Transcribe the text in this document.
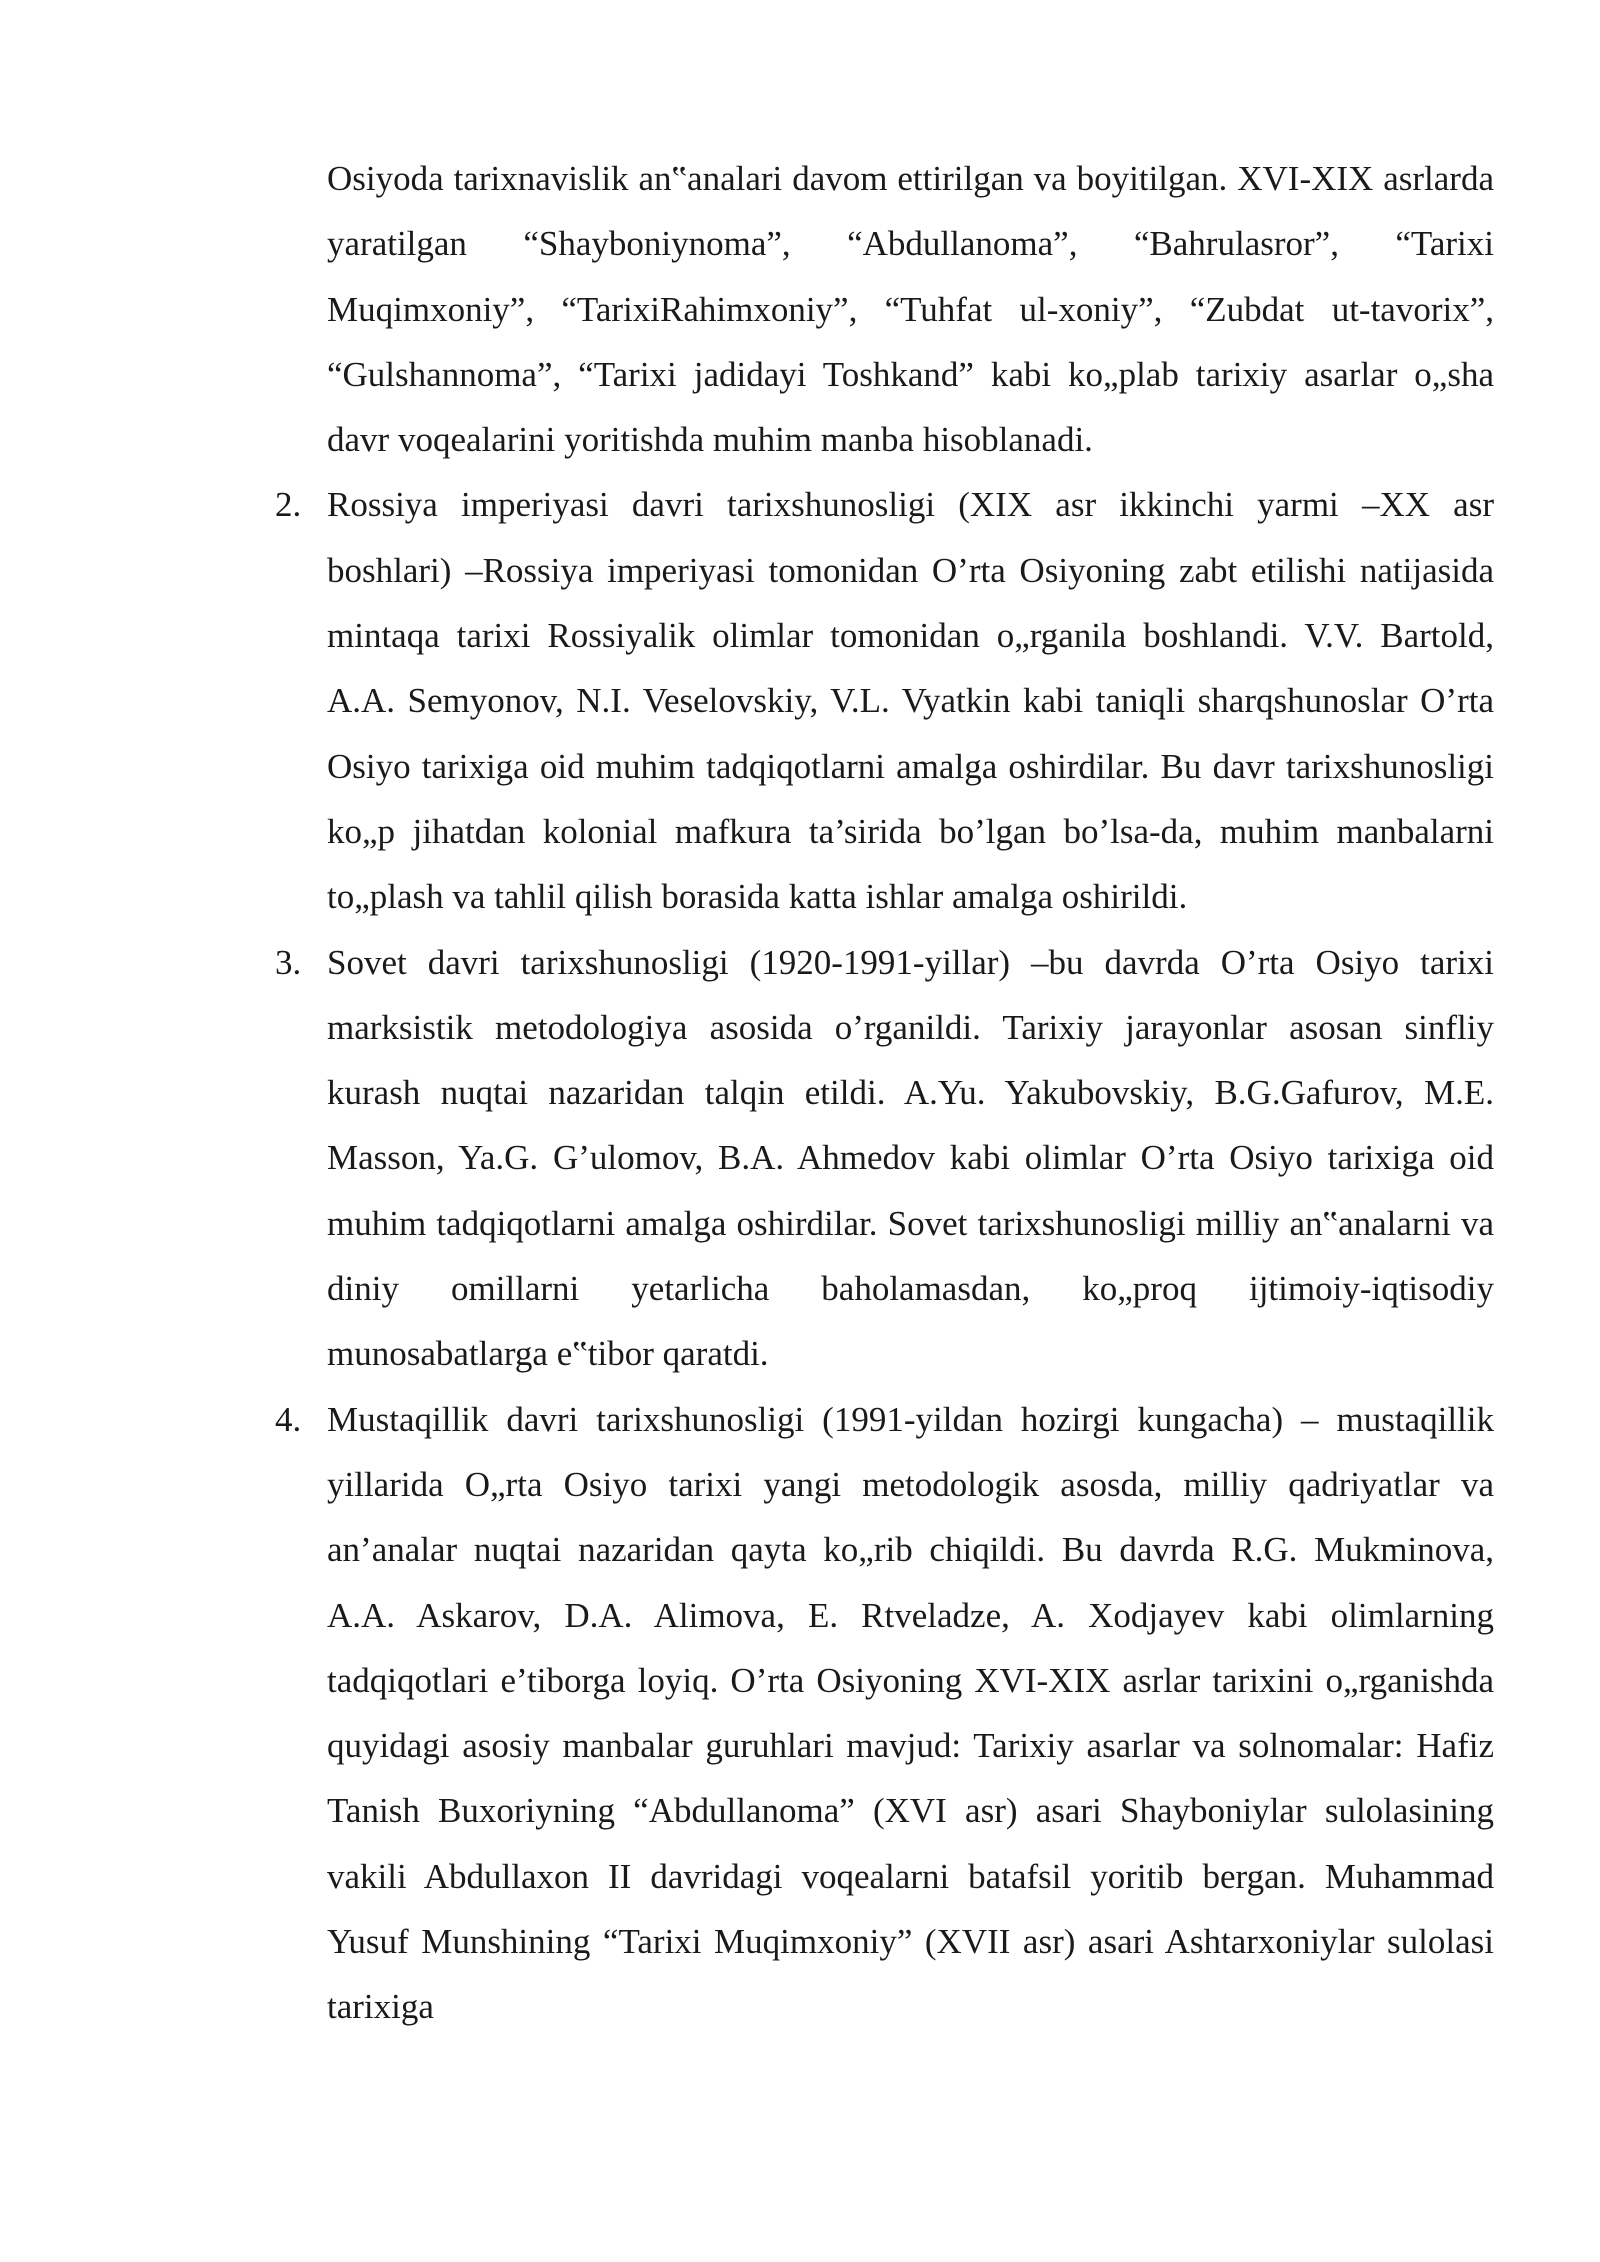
Osiyoda tarixnavislik an‟analari davom ettirilgan va boyitilgan. XVI-XIX asrlarda yaratilgan “Shayboniynoma”, “Abdullanoma”, “Bahrulasror”, “Tarixi Muqimxoniy”, “TarixiRahimxoniy”, “Tuhfat ul-xoniy”, “Zubdat ut-tavorix”, “Gulshannoma”, “Tarixi jadidayi Toshkand” kabi ko„plab tarixiy asarlar o„sha davr voqealarini yoritishda muhim manba hisoblanadi.

2. Rossiya imperiyasi davri tarixshunosligi (XIX asr ikkinchi yarmi –XX asr boshlari) –Rossiya imperiyasi tomonidan O’rta Osiyoning zabt etilishi natijasida mintaqa tarixi Rossiyalik olimlar tomonidan o„rganila boshlandi. V.V. Bartold, A.A. Semyonov, N.I. Veselovskiy, V.L. Vyatkin kabi taniqli sharqshunoslar O’rta Osiyo tarixiga oid muhim tadqiqotlarni amalga oshirdilar. Bu davr tarixshunosligi ko„p jihatdan kolonial mafkura ta’sirida bo’lgan bo’lsa-da, muhim manbalarni to„plash va tahlil qilish borasida katta ishlar amalga oshirildi.
3. Sovet davri tarixshunosligi (1920-1991-yillar) –bu davrda O’rta Osiyo tarixi marksistik metodologiya asosida o’rganildi. Tarixiy jarayonlar asosan sinfliy kurash nuqtai nazaridan talqin etildi. A.Yu. Yakubovskiy, B.G.Gafurov, M.E. Masson, Ya.G. G’ulomov, B.A. Ahmedov kabi olimlar O’rta Osiyo tarixiga oid muhim tadqiqotlarni amalga oshirdilar. Sovet tarixshunosligi milliy an‟analarni va diniy omillarni yetarlicha baholamasdan, ko„proq ijtimoiy-iqtisodiy munosabatlarga e‟tibor qaratdi.
4. Mustaqillik davri tarixshunosligi (1991-yildan hozirgi kungacha) – mustaqillik yillarida O„rta Osiyo tarixi yangi metodologik asosda, milliy qadriyatlar va an’analar nuqtai nazaridan qayta ko„rib chiqildi. Bu davrda R.G. Mukminova, A.A. Askarov, D.A. Alimova, E. Rtveladze, A. Xodjayev kabi olimlarning tadqiqotlari e’tiborga loyiq. O’rta Osiyoning XVI-XIX asrlar tarixini o„rganishda quyidagi asosiy manbalar guruhlari mavjud: Tarixiy asarlar va solnomalar: Hafiz Tanish Buxoriyning “Abdullanoma” (XVI asr) asari Shayboniylar sulolasining vakili Abdullaxon II davridagi voqealarni batafsil yoritib bergan. Muhammad Yusuf Munshining “Tarixi Muqimxoniy” (XVII asr) asari Ashtarxoniylar sulolasi tarixiga
